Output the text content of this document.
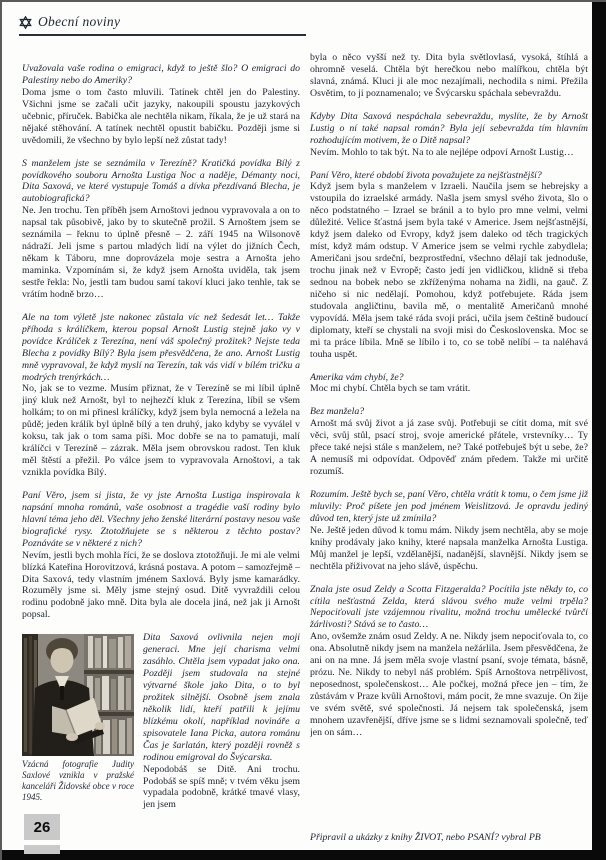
Obecní noviny

Uvažovala vaše rodina o emigraci, když to ještě šlo? O emigraci do Palestiny nebo do Ameriky?

Doma jsme o tom často mluvili. Tatínek chtěl jen do Palestiny. Všichni jsme se začali učit jazyky, nakoupili spoustu jazykových učebnic, příruček. Babička ale nechtěla nikam, říkala, že je už stará na nějaké stěhování. A tatínek nechtěl opustit babičku. Později jsme si uvědomili, že všechno by bylo lepší než zůstat tady!

S manželem jste se seznámila v Terezíně? Kratičká povídka Bílý z povídkového souboru Arnošta Lustiga Noc a naděje, Démanty noci, Dita Saxová, ve které vystupuje Tomáš a dívka přezdívaná Blecha, je autobiografická?

Ne. Jen trochu. Ten příběh jsem Arnoštovi jednou vypravovala a on to napsal tak působivě, jako by to skutečně prožil. S Arnoštem jsem se seznámila – řeknu to úplně přesně – 2. září 1945 na Wilsonově nádraží. Jeli jsme s partou mladých lidí na výlet do jižních Čech, někam k Táboru, mne doprovázela moje sestra a Arnošta jeho maminka. Vzpomínám si, že když jsem Arnošta uviděla, tak jsem sestře řekla: No, jestli tam budou samí takoví kluci jako tenhle, tak se vrátím hodně brzo…

Ale na tom výletě jste nakonec zůstala víc než šedesát let… Takže příhoda s králíčkem, kterou popsal Arnošt Lustig stejně jako vy v povídce Králíček z Terezína, není váš společný prožitek? Nejste teda Blecha z povídky Bílý? Byla jsem přesvědčena, že ano. Arnošt Lustig mně vypravoval, že když myslí na Terezín, tak vás vidí v bílém tričku a modrých trenýrkách…

No, jak se to vezme. Musím přiznat, že v Terezíně se mi líbil úplně jiný kluk než Arnošt, byl to nejhezčí kluk z Terezína, líbil se všem holkám; to on mi přinesl králíčky, když jsem byla nemocná a ležela na půdě; jeden králík byl úplně bílý a ten druhý, jako kdyby se vyválel v koksu, tak jak o tom sama píši. Moc dobře se na to pamatuji, malí králíčci v Terezíně – zázrak. Měla jsem obrovskou radost. Ten kluk měl štěstí a přežil. Po válce jsem to vypravovala Arnoštovi, a tak vznikla povídka Bílý.

Paní Věro, jsem si jista, že vy jste Arnošta Lustiga inspirovala k napsání mnoha románů, vaše osobnost a tragédie vaší rodiny bylo hlavní téma jeho děl. Všechny jeho ženské literární postavy nesou vaše biografické rysy. Ztotožňujete se s některou z těchto postav? Poznáváte se v některé z nich?

Nevím, jestli bych mohla říci, že se doslova ztotožňuji. Je mi ale velmi blízká Kateřina Horovitzová, krásná postava. A potom – samozřejmě – Dita Saxová, tedy vlastním jménem Saxlová. Byly jsme kamarádky. Rozuměly jsme si. Měly jsme stejný osud. Ditě vyvraždili celou rodinu podobně jako mně. Dita byla ale docela jiná, než jak ji Arnošt popsal.

Vzácná fotografie Judity Saxlové vznikla v pražské kanceláři Židovské obce v roce 1945.

Dita Saxová ovlivnila nejen moji generaci. Mne její charisma velmi zasáhlo. Chtěla jsem vypadat jako ona. Později jsem studovala na stejné výtvarné škole jako Dita, o to byl prožitek silnější. Osobně jsem znala několik lidí, kteří patřili k jejímu blízkému okolí, například novináře a spisovatele Iana Picka, autora románu Čas je šarlatán, který později rovněž s rodinou emigroval do Švýcarska.

Nepodobáš se Ditě. Ani trochu. Podobáš se spíš mně; v tvém věku jsem vypadala podobně, krátké tmavé vlasy, jen jsem

byla o něco vyšší než ty. Dita byla světlovlasá, vysoká, štíhlá a ohromně veselá. Chtěla být herečkou nebo malířkou, chtěla být slavná, známá. Kluci ji ale moc nezajímali, nechodila s nimi. Přežila Osvětim, to ji poznamenalo; ve Švýcarsku spáchala sebevraždu.

Kdyby Dita Saxová nespáchala sebevraždu, myslíte, že by Arnošt Lustig o ní také napsal román? Byla její sebevražda tím hlavním rozhodujícím motivem, že o Ditě napsal?

Nevím. Mohlo to tak být. Na to ale nejlépe odpoví Arnošt Lustig…

Paní Věro, které období života považujete za nejšťastnější?

Když jsem byla s manželem v Izraeli. Naučila jsem se hebrejsky a vstoupila do izraelské armády. Našla jsem smysl svého života, šlo o něco podstatného – Izrael se bránil a to bylo pro mne velmi, velmi důležité. Velice šťastná jsem byla také v Americe. Jsem nejšťastnější, když jsem daleko od Evropy, když jsem daleko od těch tragických míst, když mám odstup. V Americe jsem se velmi rychle zabydlela; Američani jsou srdeční, bezprostřední, všechno dělají tak jednoduše, trochu jinak než v Evropě; často jedí jen vidličkou, klidně si třeba sednou na bobek nebo se zkříženýma nohama na židli, na gauč. Z ničeho si nic nedělají. Pomohou, když potřebujete. Ráda jsem studovala angličtinu, bavila mě, o mentalitě Američanů mnohé vypovídá. Měla jsem také ráda svoji práci, učila jsem češtině budoucí diplomaty, kteří se chystali na svoji misi do Československa. Moc se mi ta práce líbila. Mně se líbilo i to, co se tobě nelíbí – ta naléhavá touha uspět.

Amerika vám chybí, že?

Moc mi chybí. Chtěla bych se tam vrátit.

Bez manžela?

Arnošt má svůj život a já zase svůj. Potřebuji se cítit doma, mít své věci, svůj stůl, psací stroj, svoje americké přátele, vrstevníky… Ty přece také nejsi stále s manželem, ne? Také potřebuješ být u sebe, že? A nemusíš mi odpovídat. Odpověď znám předem. Takže mi určitě rozumíš.

Rozumím. Ještě bych se, paní Věro, chtěla vrátit k tomu, o čem jsme již mluvily: Proč píšete jen pod jménem Weislitzová. Je opravdu jediný důvod ten, který jste už zmínila?

Ne. Ještě jeden důvod k tomu mám. Nikdy jsem nechtěla, aby se moje knihy prodávaly jako knihy, které napsala manželka Arnošta Lustiga. Můj manžel je lepší, vzdělanější, nadanější, slavnější. Nikdy jsem se nechtěla přiživovat na jeho slávě, úspěchu.

Znala jste osud Zeldy a Scotta Fitzgeralda? Pocítila jste někdy to, co cítila nešťastná Zelda, která slávou svého muže velmi trpěla? Nepociťovali jste vzájemnou rivalitu, možná trochu umělecké tvůrčí žárlivosti? Stává se to často…

Ano, ovšemže znám osud Zeldy. A ne. Nikdy jsem nepociťovala to, co ona. Absolutně nikdy jsem na manžela nežárlila. Jsem přesvědčena, že ani on na mne. Já jsem měla svoje vlastní psaní, svoje témata, básně, prózu. Ne. Nikdy to nebyl náš problém. Spíš Arnoštova netrpělivost, neposednost, společenskost… Ale počkej, možná přece jen – tím, že zůstávám v Praze kvůli Arnoštovi, mám pocit, že mne svazuje. On žije ve svém světě, své společnosti. Já nejsem tak společenská, jsem mnohem uzavřenější, dříve jsme se s lidmi seznamovali společně, teď jen on sám…

Připravil a ukázky z knihy ŽIVOT, nebo PSANÍ? vybral PB

26
